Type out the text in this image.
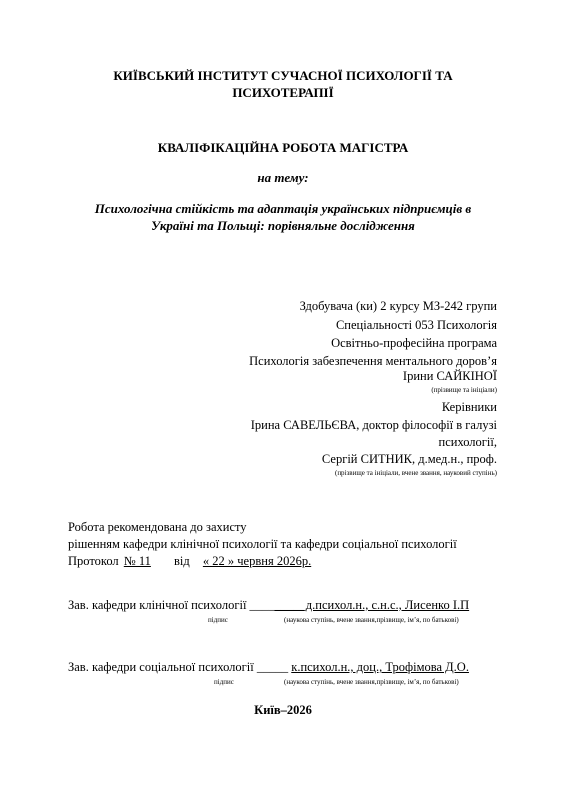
КИЇВСЬКИЙ ІНСТИТУТ СУЧАСНОЇ ПСИХОЛОГІЇ ТА
ПСИХОТЕРАПІЇ
КВАЛІФІКАЦІЙНА РОБОТА МАГІСТРА
на тему:
Психологічна стійкість та адаптація українських підприємців в
Україні та Польщі: порівняльне дослідження
Здобувача (ки) 2 курсу МЗ-242 групи
Спеціальності 053 Психологія
Освітньо-професійна програма
Психологія забезпечення ментального доров’я
Ірини САЙКІНОЇ
(прізвище та ініціали)
Керівники
Ірина САВЕЛЬЄВА, доктор філософії в галузі
психології,
Сергій СИТНИК, д.мед.н., проф.
(прізвище та ініціали, вчене звання, науковий ступінь)
Робота рекомендована до захисту
рішенням кафедри клінічної психології та кафедри соціальної психології
Протокол № 11 від « 22 » червня 2026р.
Зав. кафедри клінічної психології _________д.психол.н., с.н.с., Лисенко І.П
підпис	(наукова ступінь, вчене звання,прізвище, ім’я, по батькові)
Зав. кафедри соціальної психології _____ к.психол.н., доц., Трофімова Д.О.
підпис	(наукова ступінь, вчене звання,прізвище, ім’я, по батькові)
Київ–2026
